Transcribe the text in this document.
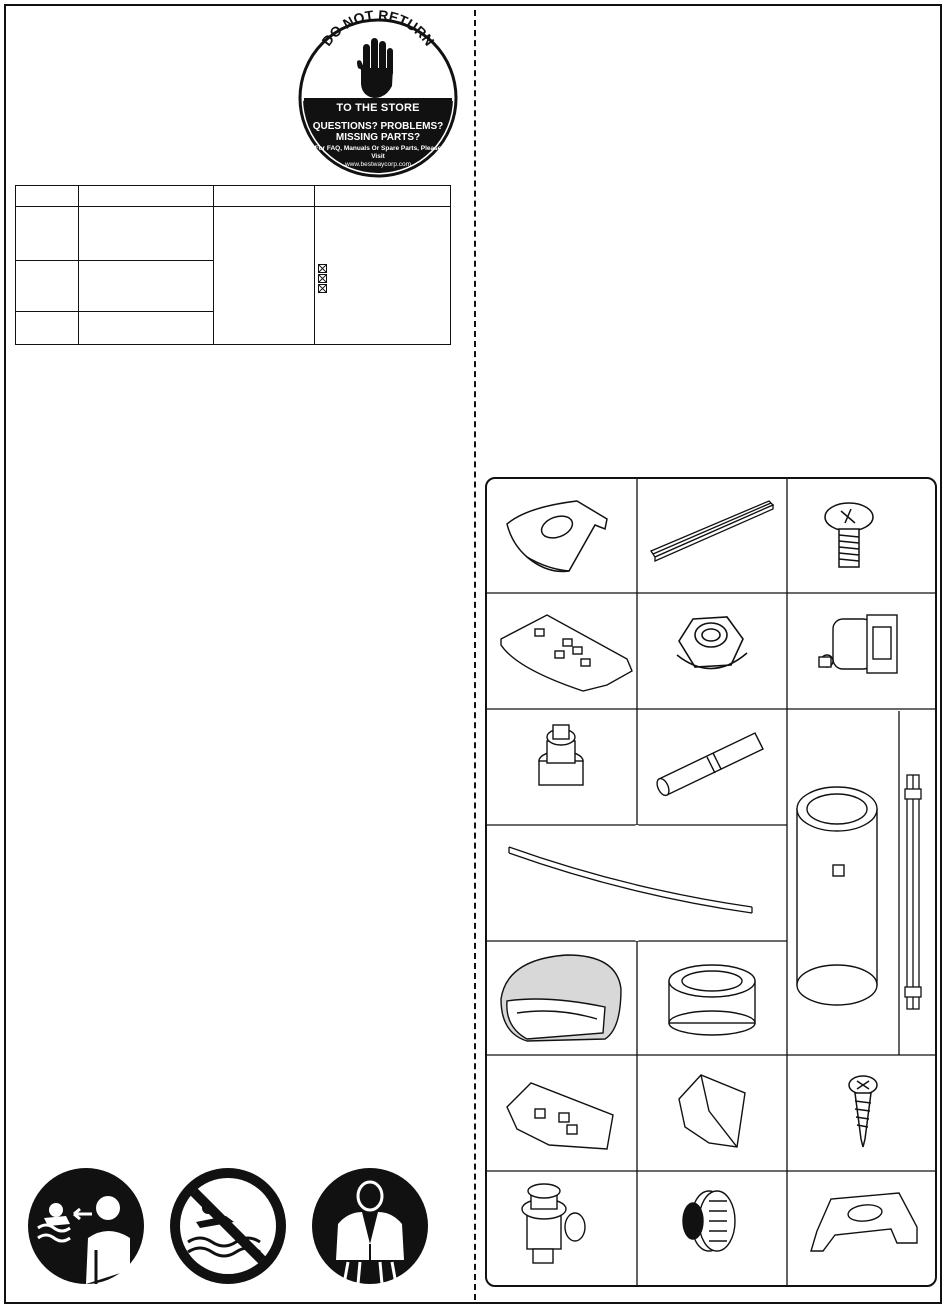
DO NOT RETURN
TO THE STORE
QUESTIONS? PROBLEMS? MISSING PARTS?
For FAQ, Manuals Or Spare Parts, Please Visit
www.bestwaycorp.com
